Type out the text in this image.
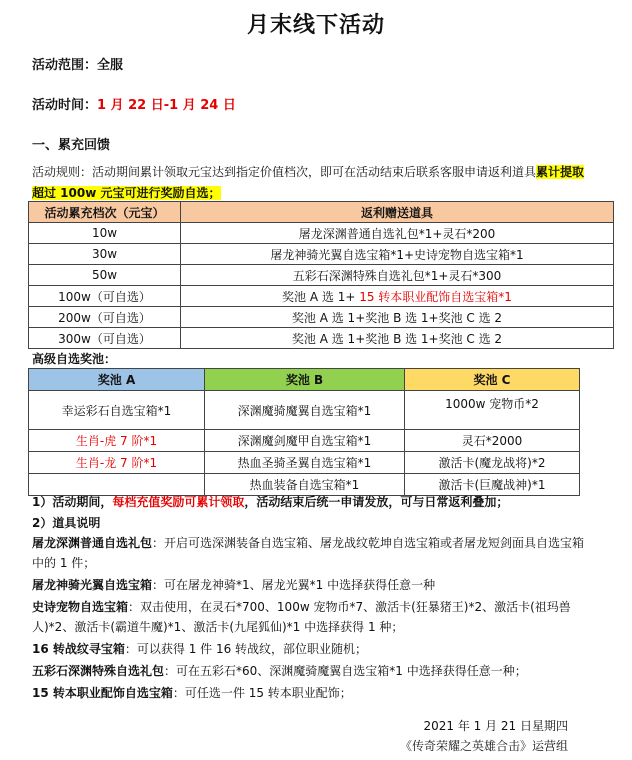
月末线下活动
活动范围：全服
活动时间：1 月 22 日-1 月 24 日
一、累充回馈
活动规则：活动期间累计领取元宝达到指定价值档次，即可在活动结束后联系客服申请返利道具累计提取超过 100w 元宝可进行奖励自选；
活动累充档次（元宝）	返利赠送道具
10w	屠龙深渊普通自选礼包*1+灵石*200
30w	屠龙神骑光翼自选宝箱*1+史诗宠物自选宝箱*1
50w	五彩石深渊特殊自选礼包*1+灵石*300
100w（可自选）	奖池 A 选 1+ 15 转本职业配饰自选宝箱*1
200w（可自选）	奖池 A 选 1+奖池 B 选 1+奖池 C 选 2
300w（可自选）	奖池 A 选 1+奖池 B 选 1+奖池 C 选 2
高级自选奖池：
奖池 A	奖池 B	奖池 C
幸运彩石自选宝箱*1	深渊魔骑魔翼自选宝箱*1	1000w 宠物币*2
生肖-虎 7 阶*1	深渊魔剑魔甲自选宝箱*1	灵石*2000
生肖-龙 7 阶*1	热血圣骑圣翼自选宝箱*1	激活卡(魔龙战将)*2
	热血装备自选宝箱*1	激活卡(巨魔战神)*1
1）活动期间，每档充值奖励可累计领取，活动结束后统一申请发放，可与日常返利叠加；
2）道具说明
屠龙深渊普通自选礼包：开启可选深渊装备自选宝箱、屠龙战纹乾坤自选宝箱或者屠龙短剑面具自选宝箱中的 1 件；
屠龙神骑光翼自选宝箱：可在屠龙神骑*1、屠龙光翼*1 中选择获得任意一种
史诗宠物自选宝箱：双击使用，在灵石*700、100w 宠物币*7、激活卡(狂暴猪王)*2、激活卡(祖玛兽人)*2、激活卡(霸道牛魔)*1、激活卡(九尾狐仙)*1 中选择获得 1 种；
16 转战纹寻宝箱：可以获得 1 件 16 转战纹，部位职业随机；
五彩石深渊特殊自选礼包：可在五彩石*60、深渊魔骑魔翼自选宝箱*1 中选择获得任意一种；
15 转本职业配饰自选宝箱：可任选一件 15 转本职业配饰；
2021 年 1 月 21 日星期四
《传奇荣耀之英雄合击》运营组
